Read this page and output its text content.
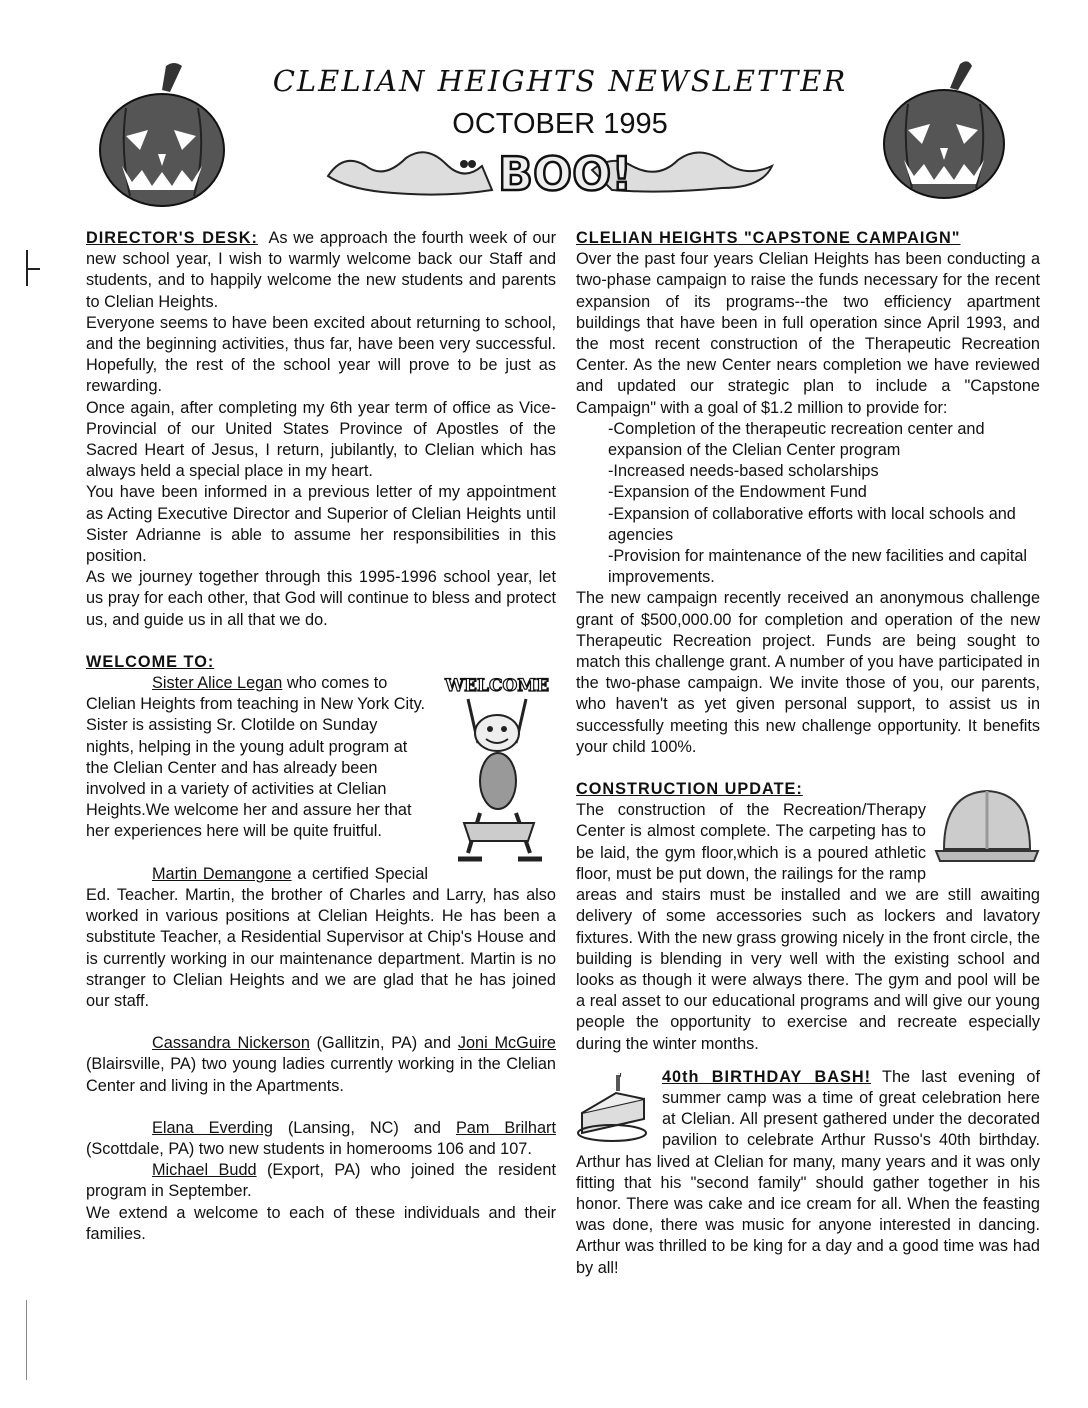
CLELIAN HEIGHTS NEWSLETTER
OCTOBER 1995
BOO!

DIRECTOR'S DESK: As we approach the fourth week of our new school year, I wish to warmly welcome back our Staff and students, and to happily welcome the new students and parents to Clelian Heights.

Everyone seems to have been excited about returning to school, and the beginning activities, thus far, have been very successful. Hopefully, the rest of the school year will prove to be just as rewarding.

Once again, after completing my 6th year term of office as Vice-Provincial of our United States Province of Apostles of the Sacred Heart of Jesus, I return, jubilantly, to Clelian which has always held a special place in my heart.

You have been informed in a previous letter of my appointment as Acting Executive Director and Superior of Clelian Heights until Sister Adrianne is able to assume her responsibilities in this position.

As we journey together through this 1995-1996 school year, let us pray for each other, that God will continue to bless and protect us, and guide us in all that we do.

WELCOME TO:

WELCOME

Sister Alice Legan who comes to Clelian Heights from teaching in New York City. Sister is assisting Sr. Clotilde on Sunday nights, helping in the young adult program at the Clelian Center and has already been involved in a variety of activities at Clelian Heights.We welcome her and assure her that her experiences here will be quite fruitful.

Martin Demangone a certified Special Ed. Teacher. Martin, the brother of Charles and Larry, has also worked in various positions at Clelian Heights. He has been a substitute Teacher, a Residential Supervisor at Chip's House and is currently working in our maintenance department. Martin is no stranger to Clelian Heights and we are glad that he has joined our staff.

Cassandra Nickerson (Gallitzin, PA) and Joni McGuire (Blairsville, PA) two young ladies currently working in the Clelian Center and living in the Apartments.

Elana Everding (Lansing, NC) and Pam Brilhart (Scottdale, PA) two new students in homerooms 106 and 107.

Michael Budd (Export, PA) who joined the resident program in September.

We extend a welcome to each of these individuals and their families.

CLELIAN HEIGHTS "CAPSTONE CAMPAIGN"

Over the past four years Clelian Heights has been conducting a two-phase campaign to raise the funds necessary for the recent expansion of its programs--the two efficiency apartment buildings that have been in full operation since April 1993, and the most recent construction of the Therapeutic Recreation Center. As the new Center nears completion we have reviewed and updated our strategic plan to include a "Capstone Campaign" with a goal of $1.2 million to provide for:

-Completion of the therapeutic recreation center and expansion of the Clelian Center program
-Increased needs-based scholarships
-Expansion of the Endowment Fund
-Expansion of collaborative efforts with local schools and agencies
-Provision for maintenance of the new facilities and capital improvements.

The new campaign recently received an anonymous challenge grant of $500,000.00 for completion and operation of the new Therapeutic Recreation project. Funds are being sought to match this challenge grant. A number of you have participated in the two-phase campaign. We invite those of you, our parents, who haven't as yet given personal support, to assist us in successfully meeting this new challenge opportunity. It benefits your child 100%.

CONSTRUCTION UPDATE:

The construction of the Recreation/Therapy Center is almost complete. The carpeting has to be laid, the gym floor,which is a poured athletic floor, must be put down, the railings for the ramp areas and stairs must be installed and we are still awaiting delivery of some accessories such as lockers and lavatory fixtures. With the new grass growing nicely in the front circle, the building is blending in very well with the existing school and looks as though it were always there. The gym and pool will be a real asset to our educational programs and will give our young people the opportunity to exercise and recreate especially during the winter months.

40th BIRTHDAY BASH! The last evening of summer camp was a time of great celebration here at Clelian. All present gathered under the decorated pavilion to celebrate Arthur Russo's 40th birthday. Arthur has lived at Clelian for many, many years and it was only fitting that his "second family" should gather together in his honor. There was cake and ice cream for all. When the feasting was done, there was music for anyone interested in dancing. Arthur was thrilled to be king for a day and a good time was had by all!
